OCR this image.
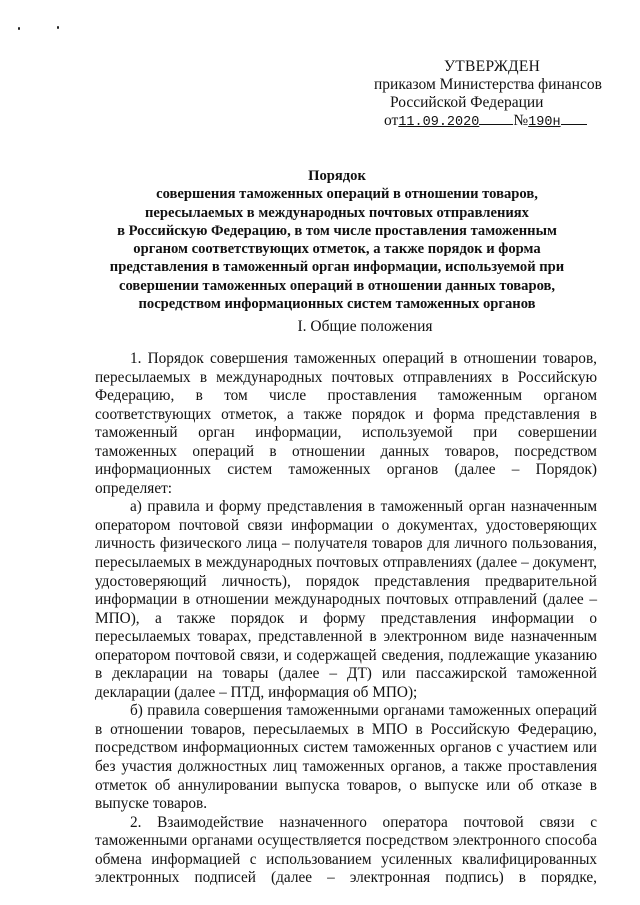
УТВЕРЖДЕН
приказом Министерства финансов
Российской Федерации
от11.09.2020 №190н
Порядок
совершения таможенных операций в отношении товаров,
пересылаемых в международных почтовых отправлениях
в Российскую Федерацию, в том числе проставления таможенным
органом соответствующих отметок, а также порядок и форма
представления в таможенный орган информации, используемой при
совершении таможенных операций в отношении данных товаров,
посредством информационных систем таможенных органов
I. Общие положения

1. Порядок совершения таможенных операций в отношении товаров, пересылаемых в международных почтовых отправлениях в Российскую Федерацию, в том числе проставления таможенным органом соответствующих отметок, а также порядок и форма представления в таможенный орган информации, используемой при совершении таможенных операций в отношении данных товаров, посредством информационных систем таможенных органов (далее – Порядок) определяет:

а) правила и форму представления в таможенный орган назначенным оператором почтовой связи информации о документах, удостоверяющих личность физического лица – получателя товаров для личного пользования, пересылаемых в международных почтовых отправлениях (далее – документ, удостоверяющий личность), порядок представления предварительной информации в отношении международных почтовых отправлений (далее – МПО), а также порядок и форму представления информации о пересылаемых товарах, представленной в электронном виде назначенным оператором почтовой связи, и содержащей сведения, подлежащие указанию в декларации на товары (далее – ДТ) или пассажирской таможенной декларации (далее – ПТД, информация об МПО);

б) правила совершения таможенными органами таможенных операций в отношении товаров, пересылаемых в МПО в Российскую Федерацию, посредством информационных систем таможенных органов с участием или без участия должностных лиц таможенных органов, а также проставления отметок об аннулировании выпуска товаров, о выпуске или об отказе в выпуске товаров.

2. Взаимодействие назначенного оператора почтовой связи с таможенными органами осуществляется посредством электронного способа обмена информацией с использованием усиленных квалифицированных электронных подписей (далее – электронная подпись) в порядке,
